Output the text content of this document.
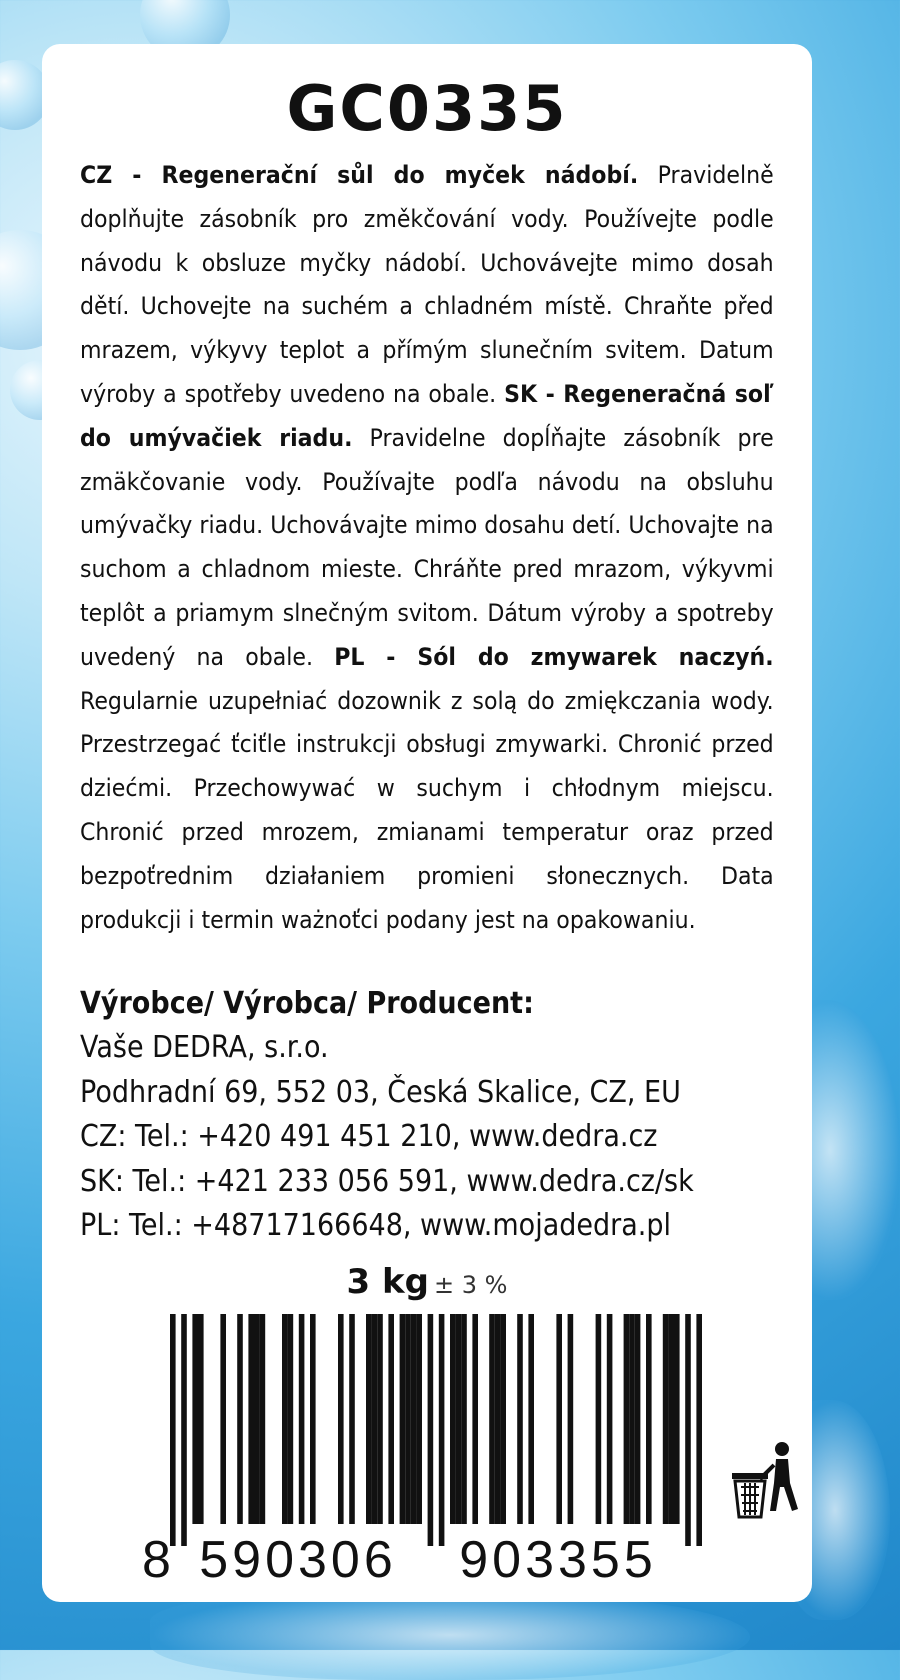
GC0335
CZ - Regenerační sůl do myček nádobí. Pravidelně doplňujte zásobník pro změkčování vody. Používejte podle návodu k obsluze myčky nádobí. Uchovávejte mimo dosah dětí. Uchovejte na suchém a chladném místě. Chraňte před mrazem, výkyvy teplot a přímým slunečním svitem. Datum výroby a spotřeby uvedeno na obale. SK - Regeneračná soľ do umývačiek riadu. Pravidelne dopĺňajte zásobník pre zmäkčovanie vody. Používajte podľa návodu na obsluhu umývačky riadu. Uchovávajte mimo dosahu detí. Uchovajte na suchom a chladnom mieste. Chráňte pred mrazom, výkyvmi teplôt a priamym slnečným svitom. Dátum výroby a spotreby uvedený na obale. PL - Sól do zmywarek naczyń. Regularnie uzupełniać dozownik z solą do zmiękczania wody. Przestrzegać ťciťle instrukcji obsługi zmywarki. Chronić przed dziećmi. Przechowywać w suchym i chłodnym miejscu. Chronić przed mrozem, zmianami temperatur oraz przed bezpoťrednim działaniem promieni słonecznych. Data produkcji i termin ważnoťci podany jest na opakowaniu.
Výrobce/ Výrobca/ Producent:
Vaše DEDRA, s.r.o.
Podhradní 69, 552 03, Česká Skalice, CZ, EU
CZ: Tel.: +420 491 451 210, www.dedra.cz
SK: Tel.: +421 233 056 591, www.dedra.cz/sk
PL: Tel.: +48717166648, www.mojadedra.pl
3 kg ± 3 %
8 590306 903355
